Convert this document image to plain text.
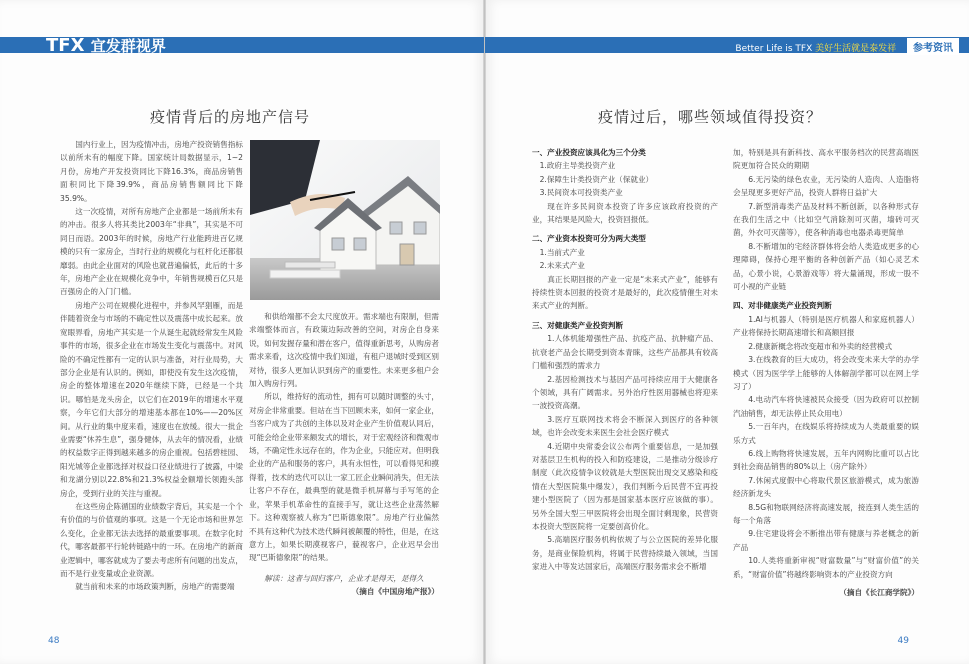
TFX 宜发群视界	Better Life is TFX 美好生活就是泰发祥 参考资讯
疫情背后的房地产信号	疫情过后，哪些领域值得投资？

国内行业上，因为疫情冲击，房地产投资销售指标以前所未有的幅度下降。国家统计局数据显示，1~2月份，房地产开发投资同比下降16.3%，商品房销售面积同比下降39.9%，商品房销售额同比下降35.9%。

这一次疫情，对所有房地产企业都是一场前所未有的冲击。很多人将其类比2003年“非典”，其实是不可同日而语。2003年的时候，房地产行业能跨进百亿规模的只有一家房企，当时行业的规模化与杠杆化还都很靡弱。由此企业面对的风险也就普遍偏低，此后的十多年，房地产企业在规模化竞争中，年销售规模百亿只是百强房企的入门门槛。

房地产公司在规模化进程中，并参风罕猖雁，而是伴随着资金与市场的不确定性以及震荡中成长起来。放宽眼界看，房地产其实是一个从诞生起就经常发生风险事件的市场，很多企业在市场发生变化与震荡中。对风险的不确定性都有一定的认识与准备，对行业局势，大部分企业是有认识的。例如，即使没有发生这次疫情，房企的整体增速在2020年继续下降，已经是一个共识。哪怕是龙头房企，以它们在2019年的增速水平观察，今年它们大部分的增速基本都在10%——20%区间。从行业的集中度来看，速度也在放缓。很大一批企业需要“休养生息”，强身健体，从去年的情况看，业绩的权益数字正得到越来越多的房企重视。包括碧桂园、阳光城等企业都选择对权益口径业绩进行了披露，中梁和龙湖分别以22.8%和21.3%权益金额增长领跑头部房企，受到行业的关注与重视。

在这些房企陈循国的业绩数字背后，其实是一个个有价值的与价值观的事项。这是一个无论市场和世界怎么变化，企业都无法去选择的最重要事项。在数字化时代，哪客最都平行轮转链路中的一环。在房地产的新商业逻辑中，哪客就成为了要去考虑所有问题的出发点，而不是行业变量或企业资源。

就当前和未来的市场政策判断，房地产的需要端

和供给端都不会太尺度放开。需求端也有限制，但需求端整体而言，有政策边际改善的空间，对房企自身来说，如何发握存量和潜在客户，值得重新思考，从购房者需求来看，这次疫情中我们知道，有租户退城时受到区别对待，很多人更加认识到房产的重要性。未来更多租户会加入购房行列。

所以，维持好的流动性，拥有可以随时调整的头寸，对房企非常重要。但站在当下回顾未来，如何一家企业，当客户成为了共创的主体以及对企业产生价值观认同后，可能会给企业带来额发式的增长，对于宏观经济和微观市场，不确定性永远存在的，作为企业，只能应对。但明我企业的产品和服务的客户，具有永恒性，可以看得见和摸得着，技术的迭代可以让一家工匠企业瞬间消失，但无法让客户不存在，最典型的就是微手机屏幕与手写笔的企业，苹果手机革命性的直接手写，就让这些企业荡然解下。这种观察被人称为“巴斯德象限”。房地产行业偏然不具有这种代为技术迭代瞬间被颠覆的特性，但是，在这意方上，如果长期漠视客户，藐视客户，企业迟早会出现“巴斯德象限”的结果。

解读：这者与回归客户，企业才是得天，是得久

（摘自《中国房地产报》）

一、产业投资应该具化为三个分类

1.政府主导类投资产业

2.保障生计类投资产业（保就业）

3.民间资本可投资类产业

现在许多民间资本投资了许多应该政府投资的产业，其结果是风险大，投资回报低。

二、产业资本投资可分为两大类型

1.当前式产业

2.未来式产业

真正长期回报的产业一定是“未来式产业”，能够有持续性资本回报的投资才是最好的，此次疫情催生对未来式产业的判断。

三、对健康类产业投资判断

1.人体机能增强性产品、抗疫产品、抗肿瘤产品、抗衰老产品会长期受到资本青睐，这些产品都具有较高门槛和强烈的需求力

2.基因检测技术与基因产品可持续应用于大健康各个领域，具有广阔需求。另外治疗性医用器械也将迎来一波投资高潮。

3.医疗互联网技术将会不断深入到医疗的各种领域，也许会改变未来医生会社会医疗模式

4.近期中央常委会议公布两个重要信息，一是加强对基层卫生机构的投入和防疫建设，二是推动分级诊疗制度（此次疫情争议较就是大型医院出现交叉感染和疫情在大型医院集中爆发），我们判断今后民营不宜再投建小型医院了（因为那是国家基本医疗应该做的事）。另外全国大型三甲医院将会出现全面讨剩现象，民营资本投资大型医院将一定要创高价化。

5.高端医疗服务机构依规了与公立医院的差异化服务，是商业保险机构，将属于民营持续最入领域，当国家进入中等发达国家后，高端医疗服务需求会不断增

加，特别是具有新科技、高水平服务档次的民营高端医院更加符合民众的期期

6.无污染的绿色农业，无污染的人造肉、人造脂将会呈现更多更好产品，投资人群将日益扩大

7.新型消毒类产品及材料不断创新，以各种形式存在我们生活之中（比如空气消除剂可灭菌，墙砖可灭菌，外衣可灭菌等），使各种消毒也电器杀毒更简单

8.不断增加的宅经济群体将会给人类造成更多的心理障碍，保持心理平衡的各种创新产品（如心灵艺术品，心景小说，心景游戏等）将大量涌现，形成一股不可小视的产业链

四、对非健康类产业投资判断

1.AI与机器人（特别是医疗机器人和家庭机器人）产业将保持长期高速增长和高额回报

2.健康新概念将改变超市和外卖的经营模式

3.在线教育的巨大成功，将会改变未来大学的办学模式（因为医学学上能够的人体解剖学都可以在网上学习了）

4.电动汽车将快速被民众接受（因为政府可以控制汽油销售，却无法停止民众用电）

5.一百年内，在线娱乐将持续成为人类最重要的娱乐方式

6.线上购物将快速发展，五年内网购比重可以占比到社会商品销售的80%以上（房产除外）

7.休闲式度假中心将取代景区旅游模式，成为旅游经济新龙头

8.5G和物联网经济将高速发展，接连到人类生活的每一个角落

9.住宅建设将会不断推出带有健康与养老概念的新产品

10.人类将重新审视“财富数量”与“财富价值”的关系，“财富价值”将越终影响资本的产业投资方向

（摘自《长江商学院》）

48	49
